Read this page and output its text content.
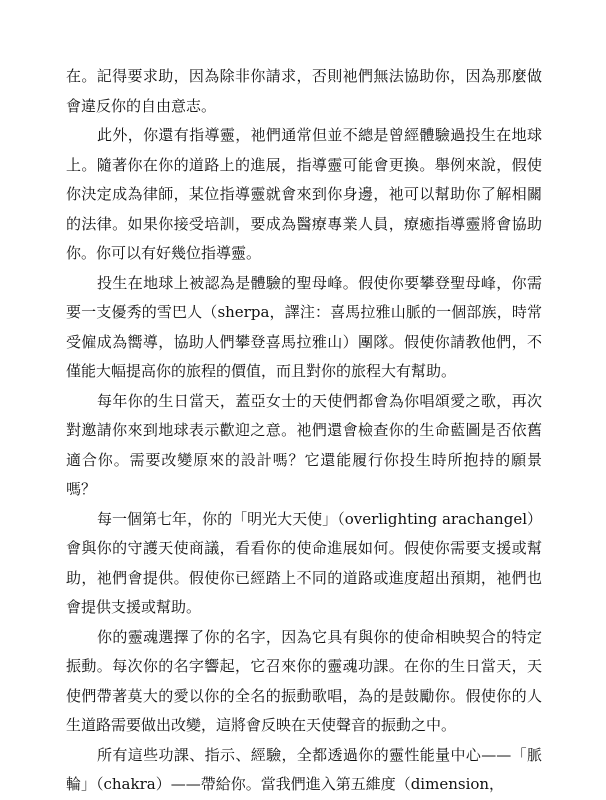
在。記得要求助，因為除非你請求，否則祂們無法協助你，因為那麼做會違反你的自由意志。

此外，你還有指導靈，祂們通常但並不總是曾經體驗過投生在地球上。隨著你在你的道路上的進展，指導靈可能會更換。舉例來說，假使你決定成為律師，某位指導靈就會來到你身邊，祂可以幫助你了解相關的法律。如果你接受培訓，要成為醫療專業人員，療癒指導靈將會協助你。你可以有好幾位指導靈。

投生在地球上被認為是體驗的聖母峰。假使你要攀登聖母峰，你需要一支優秀的雪巴人（sherpa，譯注：喜馬拉雅山脈的一個部族，時常受僱成為嚮導，協助人們攀登喜馬拉雅山）團隊。假使你請教他們，不僅能大幅提高你的旅程的價值，而且對你的旅程大有幫助。

每年你的生日當天，蓋亞女士的天使們都會為你唱頌愛之歌，再次對邀請你來到地球表示歡迎之意。祂們還會檢查你的生命藍圖是否依舊適合你。需要改變原來的設計嗎？它還能履行你投生時所抱持的願景嗎？

每一個第七年，你的「明光大天使」（overlighting arachangel）會與你的守護天使商議，看看你的使命進展如何。假使你需要支援或幫助，祂們會提供。假使你已經踏上不同的道路或進度超出預期，祂們也會提供支援或幫助。

你的靈魂選擇了你的名字，因為它具有與你的使命相映契合的特定振動。每次你的名字響起，它召來你的靈魂功課。在你的生日當天，天使們帶著莫大的愛以你的全名的振動歌唱，為的是鼓勵你。假使你的人生道路需要做出改變，這將會反映在天使聲音的振動之中。

所有這些功課、指示、經驗，全都透過你的靈性能量中心——「脈輪」（chakra）——帶給你。當我們進入第五維度（dimension，
